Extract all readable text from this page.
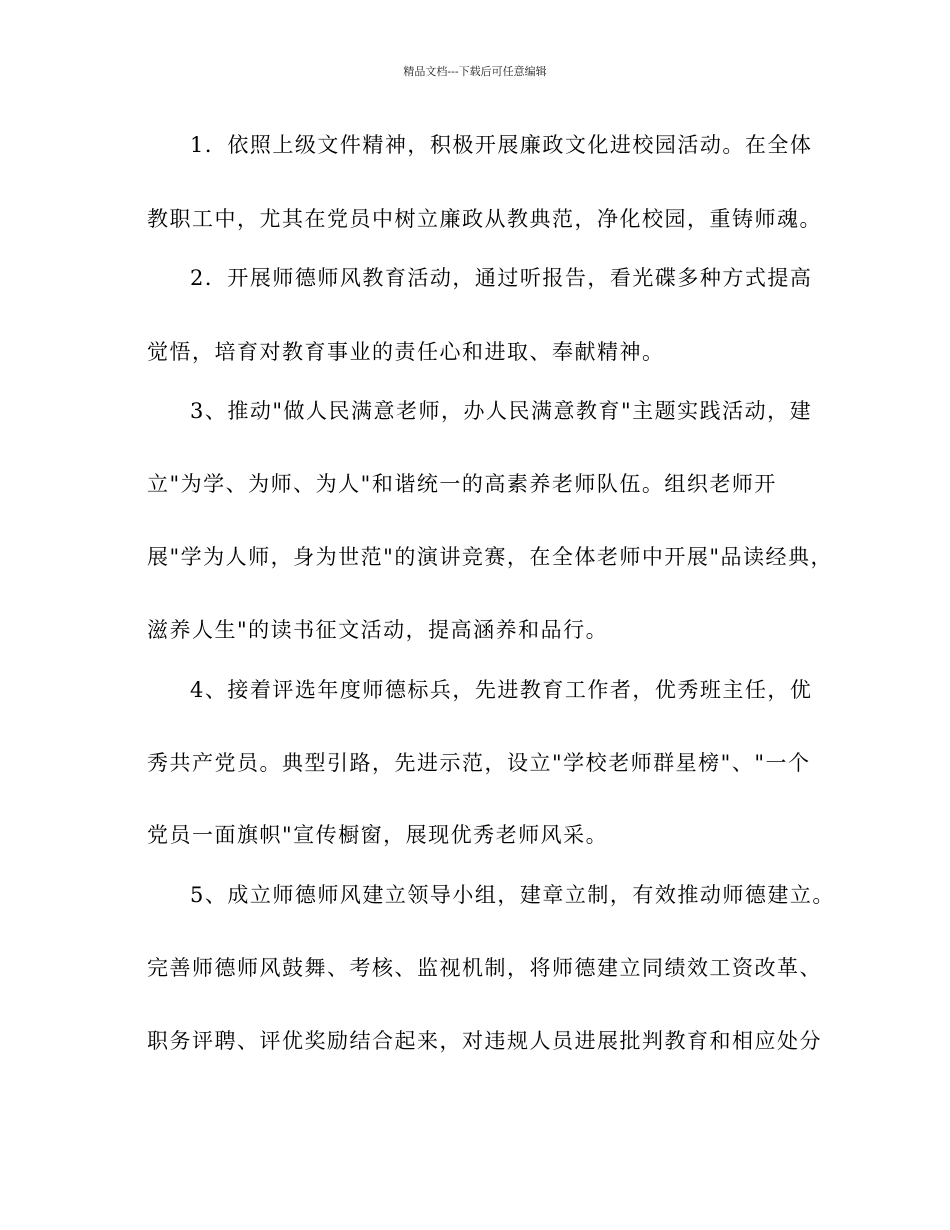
精品文档---下载后可任意编辑
1．依照上级文件精神，积极开展廉政文化进校园活动。在全体
教职工中，尤其在党员中树立廉政从教典范，净化校园，重铸师魂。
2．开展师德师风教育活动，通过听报告，看光碟多种方式提高
觉悟，培育对教育事业的责任心和进取、奉献精神。
3、推动"做人民满意老师，办人民满意教育"主题实践活动，建
立"为学、为师、为人"和谐统一的高素养老师队伍。组织老师开
展"学为人师，身为世范"的演讲竞赛，在全体老师中开展"品读经典，
滋养人生"的读书征文活动，提高涵养和品行。
4、接着评选年度师德标兵，先进教育工作者，优秀班主任，优
秀共产党员。典型引路，先进示范，设立"学校老师群星榜"、"一个
党员一面旗帜"宣传橱窗，展现优秀老师风采。
5、成立师德师风建立领导小组，建章立制，有效推动师德建立。
完善师德师风鼓舞、考核、监视机制，将师德建立同绩效工资改革、
职务评聘、评优奖励结合起来，对违规人员进展批判教育和相应处分
